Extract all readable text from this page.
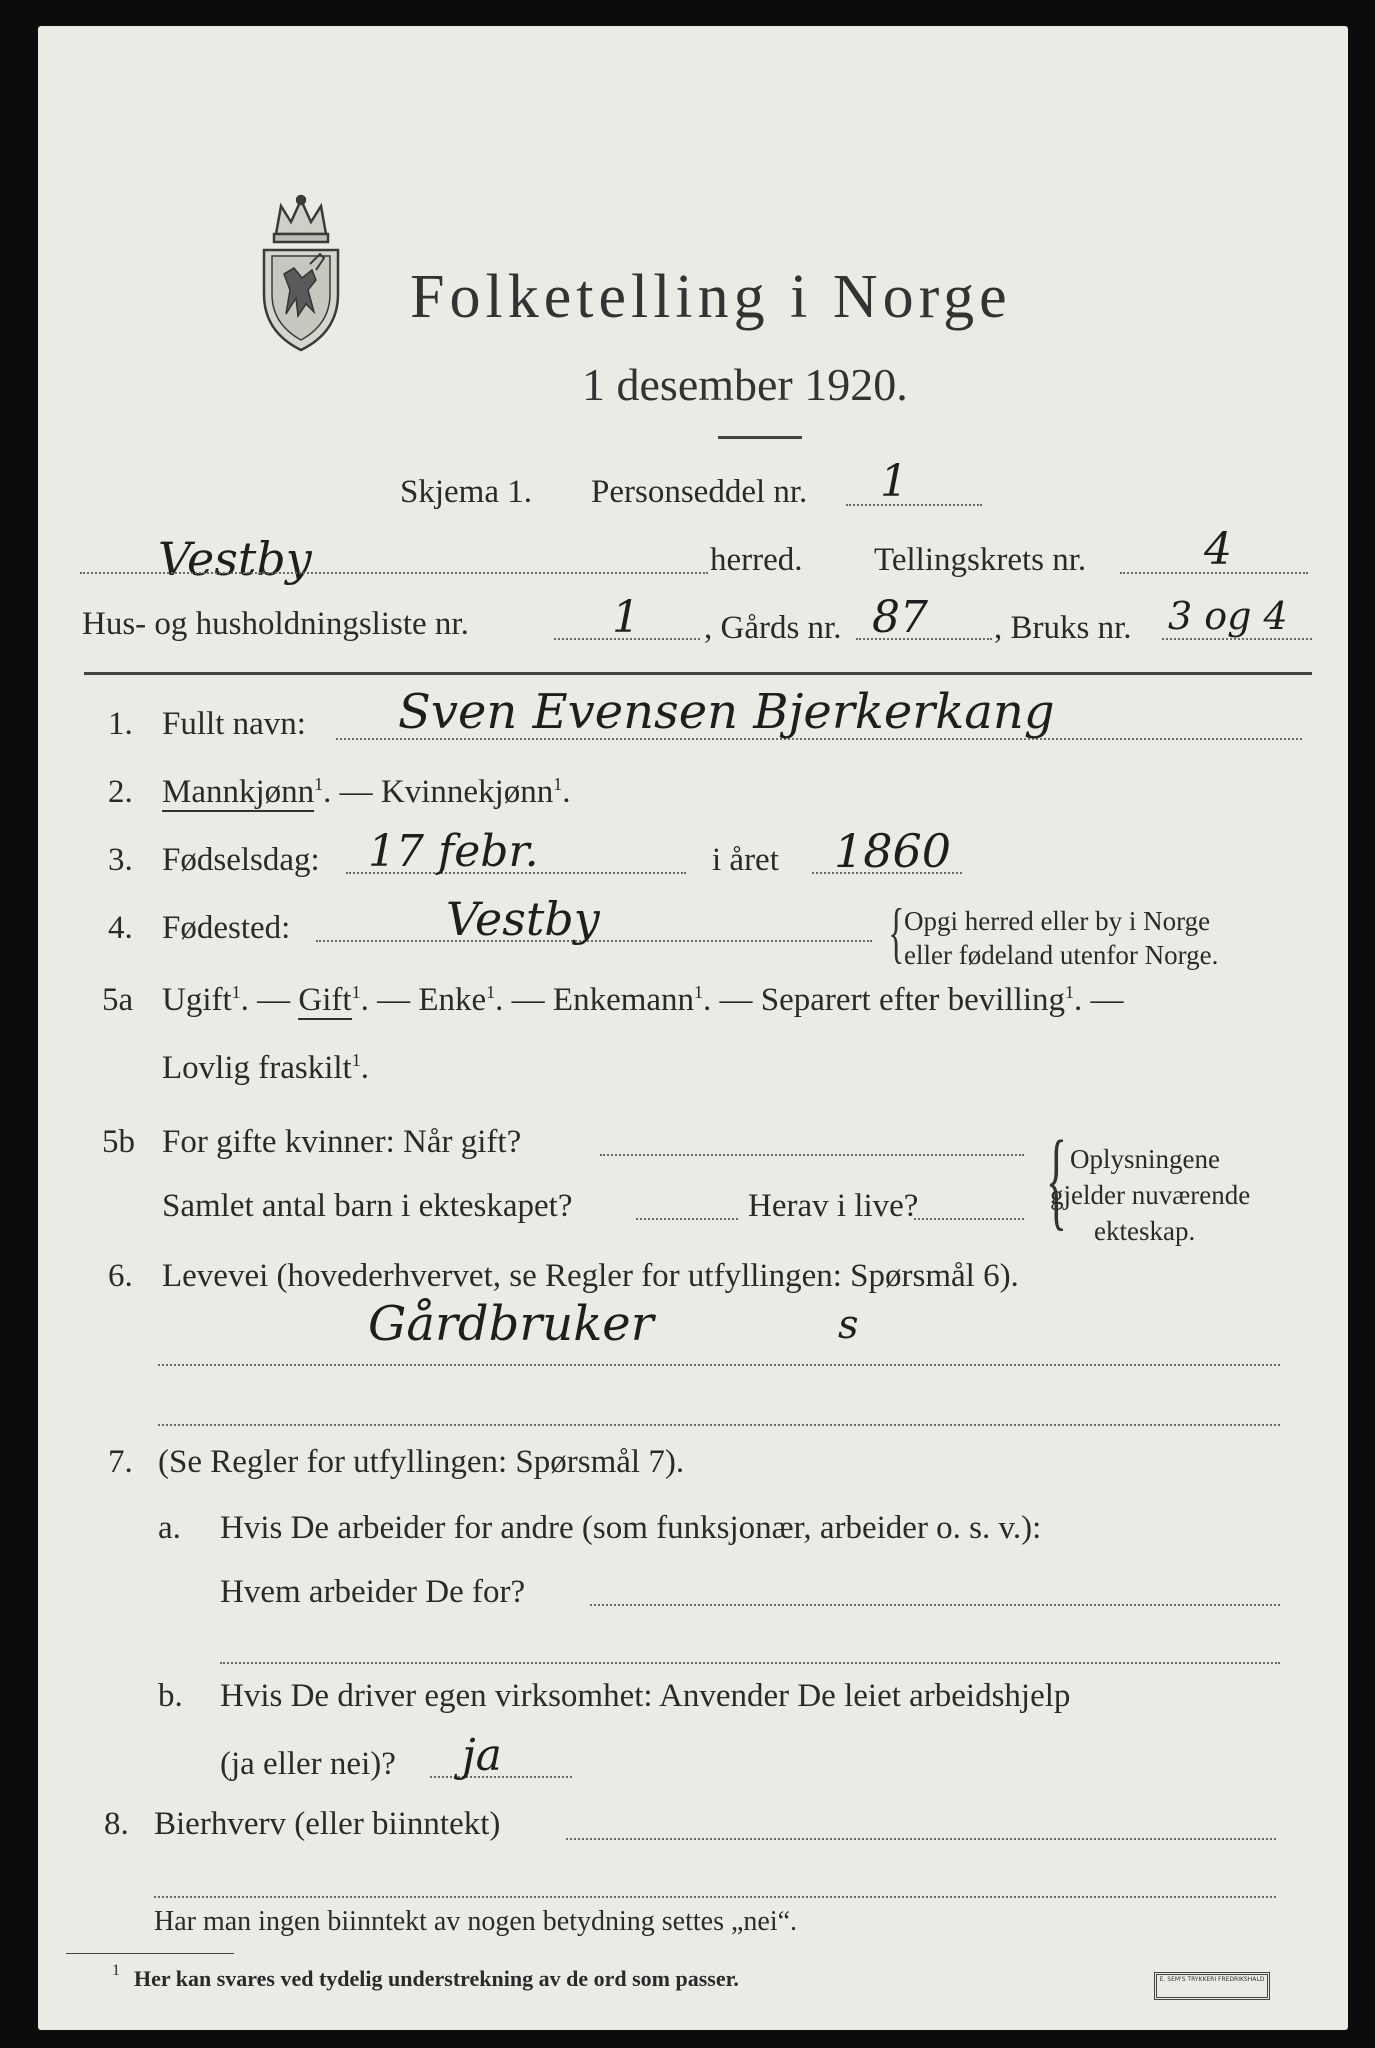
Folketelling i Norge
1 desember 1920.
Skjema 1. Personseddel nr. 1
Vestby	herred. Tellingskrets nr.	4
Hus- og husholdningsliste nr.	1 , Gårds nr. 87 , Bruks nr. 3 og 4
1. Fullt navn: Sven Evensen Bjerkerkang
2. Mannkjønn$^1$. — Kvinnekjønn$^1$.
3. Fødselsdag: 17 febr.	i året 1860
4. Fødested:	Vestby	{ Opgi herred eller by i Norge
eller fødeland utenfor Norge.
5a Ugift$^1$. — Gift$^1$. — Enke$^1$. — Enkemann$^1$. — Separert efter bevilling$^1$. —
Lovlig fraskilt$^1$.
5b For gifte kvinner: Når gift?
Samlet antal barn i ekteskapet?	Herav i live? { Oplysningene
gjelder nuværende
ekteskap.
6. Levevei (hovederhvervet, se Regler for utfyllingen: Spørsmål 6).
Gårdbruker	s
7. (Se Regler for utfyllingen: Spørsmål 7).
a. Hvis De arbeider for andre (som funksjonær, arbeider o. s. v.):
Hvem arbeider De for?
b. Hvis De driver egen virksomhet: Anvender De leiet arbeidshjelp
(ja eller nei)? ja
8. Bierhverv (eller biinntekt)
Har man ingen biinntekt av nogen betydning settes „nei“.
1 Her kan svares ved tydelig understrekning av de ord som passer.	E. SEM'S TRYKKERI FREDRIKSHALD
